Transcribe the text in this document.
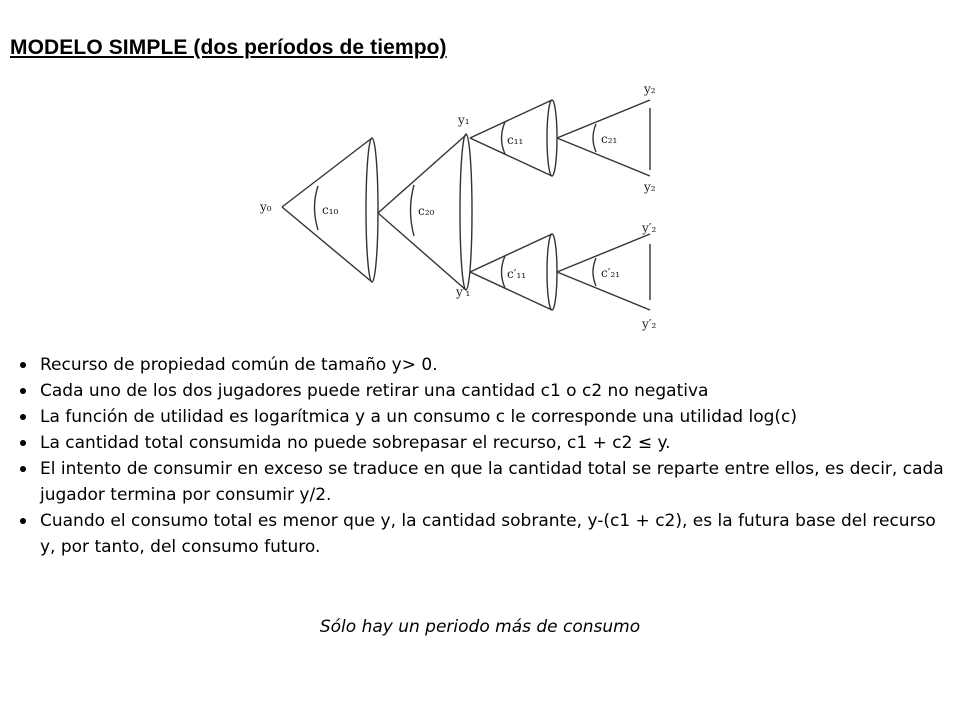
MODELO SIMPLE (dos períodos de tiempo)
y₀	c₁₀	c₂₀
y₁
y′₁
c₁₁	c₂₁
c′₁₁	c′₂₁
y₂
y₂
y′₂
y′₂
Recurso de propiedad común de tamaño y> 0.
Cada uno de los dos jugadores puede retirar una cantidad c1 o c2 no negativa
La función de utilidad es logarítmica y a un consumo c le corresponde una utilidad log(c)
La cantidad total consumida no puede sobrepasar el recurso, c1 + c2 ≤ y.
El intento de consumir en exceso se traduce en que la cantidad total se reparte entre ellos, es decir, cada jugador termina por consumir y/2.
Cuando el consumo total es menor que y, la cantidad sobrante, y-(c1 + c2), es la futura base del recurso y, por tanto, del consumo futuro.

Sólo hay un periodo más de consumo
